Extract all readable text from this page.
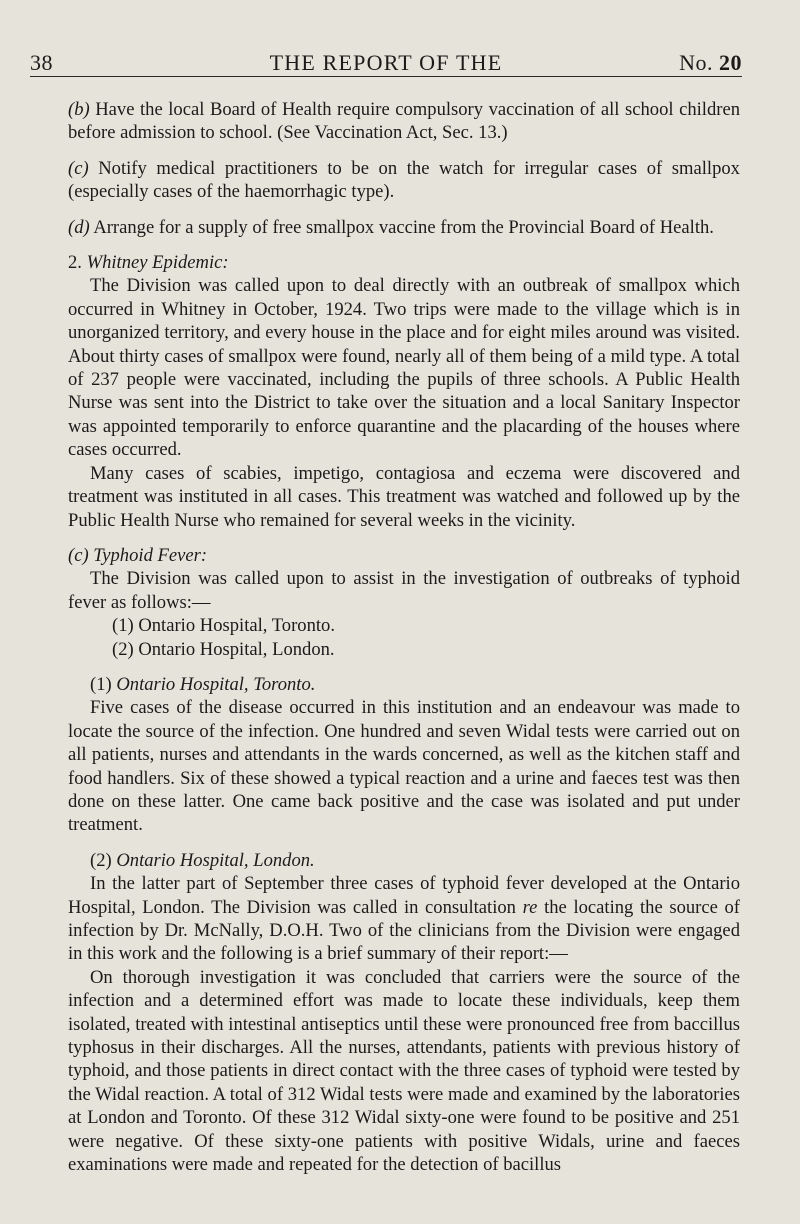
38	THE REPORT OF THE	No. 20

(b) Have the local Board of Health require compulsory vaccination of all school children before admission to school. (See Vaccination Act, Sec. 13.)

(c) Notify medical practitioners to be on the watch for irregular cases of smallpox (especially cases of the haemorrhagic type).

(d) Arrange for a supply of free smallpox vaccine from the Provincial Board of Health.

2. Whitney Epidemic:

The Division was called upon to deal directly with an outbreak of smallpox which occurred in Whitney in October, 1924. Two trips were made to the village which is in unorganized territory, and every house in the place and for eight miles around was visited. About thirty cases of smallpox were found, nearly all of them being of a mild type. A total of 237 people were vaccinated, including the pupils of three schools. A Public Health Nurse was sent into the District to take over the situation and a local Sanitary Inspector was appointed temporarily to enforce quarantine and the placarding of the houses where cases occurred.

Many cases of scabies, impetigo, contagiosa and eczema were discovered and treatment was instituted in all cases. This treatment was watched and followed up by the Public Health Nurse who remained for several weeks in the vicinity.

(c) Typhoid Fever:

The Division was called upon to assist in the investigation of outbreaks of typhoid fever as follows:—

(1) Ontario Hospital, Toronto.

(2) Ontario Hospital, London.

(1) Ontario Hospital, Toronto.

Five cases of the disease occurred in this institution and an endeavour was made to locate the source of the infection. One hundred and seven Widal tests were carried out on all patients, nurses and attendants in the wards concerned, as well as the kitchen staff and food handlers. Six of these showed a typical reaction and a urine and faeces test was then done on these latter. One came back positive and the case was isolated and put under treatment.

(2) Ontario Hospital, London.

In the latter part of September three cases of typhoid fever developed at the Ontario Hospital, London. The Division was called in consultation re the locating the source of infection by Dr. McNally, D.O.H. Two of the clinicians from the Division were engaged in this work and the following is a brief summary of their report:—

On thorough investigation it was concluded that carriers were the source of the infection and a determined effort was made to locate these individuals, keep them isolated, treated with intestinal antiseptics until these were pronounced free from baccillus typhosus in their discharges. All the nurses, attendants, patients with previous history of typhoid, and those patients in direct contact with the three cases of typhoid were tested by the Widal reaction. A total of 312 Widal tests were made and examined by the laboratories at London and Toronto. Of these 312 Widal sixty-one were found to be positive and 251 were negative. Of these sixty-one patients with positive Widals, urine and faeces examinations were made and repeated for the detection of bacillus
